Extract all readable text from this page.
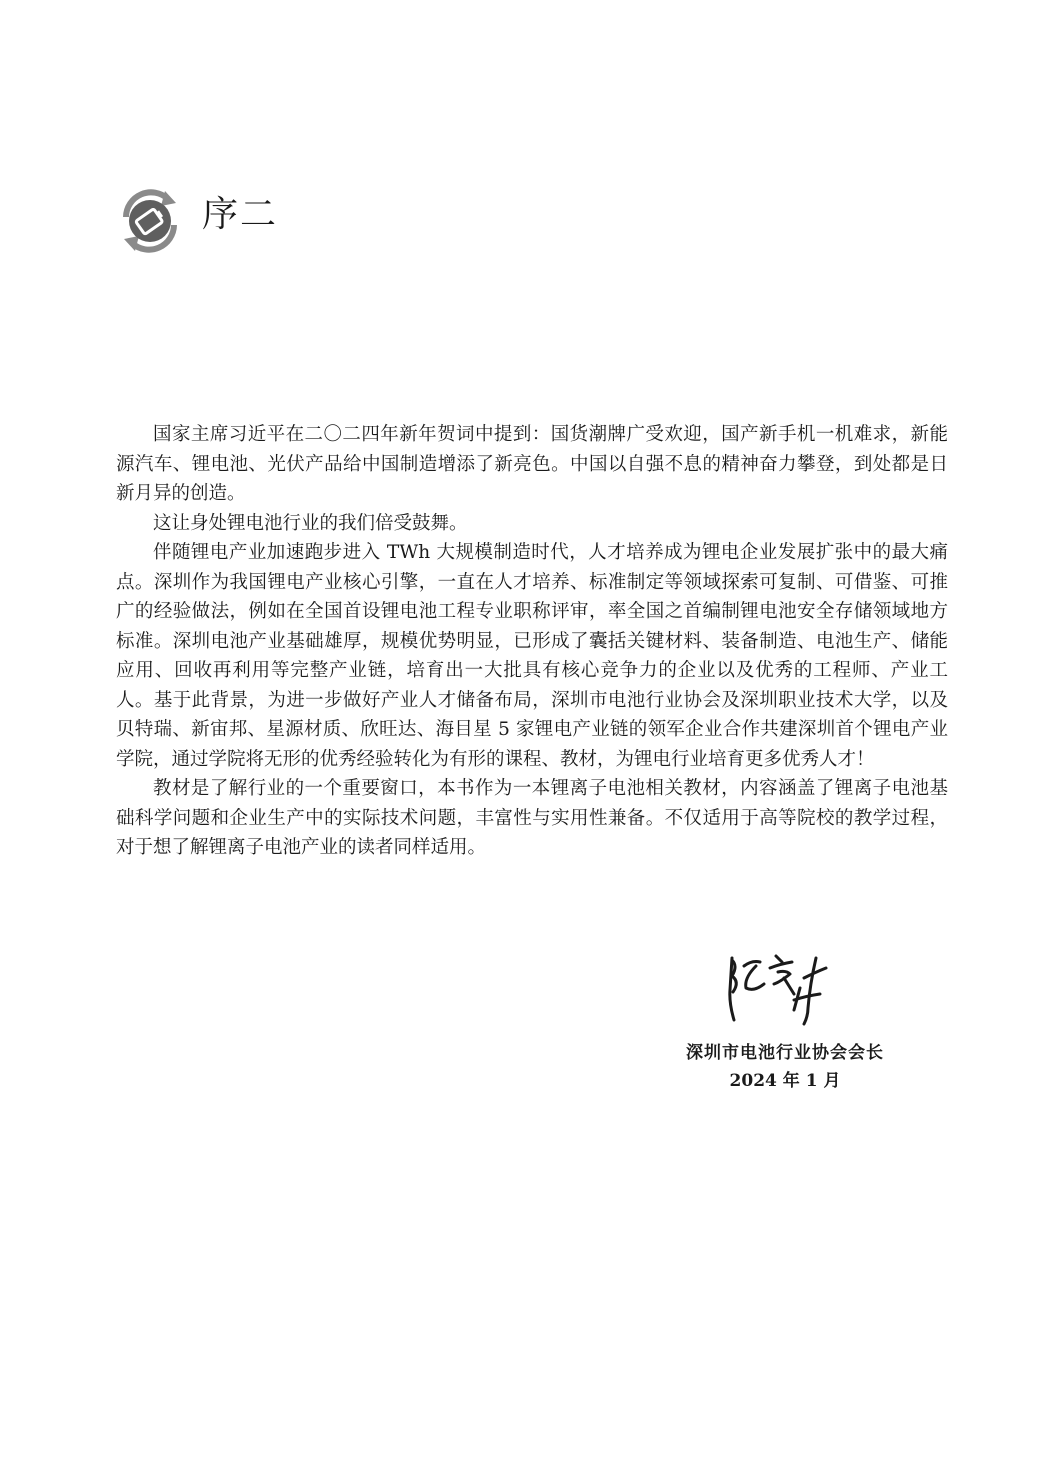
序二

国家主席习近平在二〇二四年新年贺词中提到：国货潮牌广受欢迎，国产新手机一机难求，新能源汽车、锂电池、光伏产品给中国制造增添了新亮色。中国以自强不息的精神奋力攀登，到处都是日新月异的创造。

这让身处锂电池行业的我们倍受鼓舞。

伴随锂电产业加速跑步进入 TWh 大规模制造时代，人才培养成为锂电企业发展扩张中的最大痛点。深圳作为我国锂电产业核心引擎，一直在人才培养、标准制定等领域探索可复制、可借鉴、可推广的经验做法，例如在全国首设锂电池工程专业职称评审，率全国之首编制锂电池安全存储领域地方标准。深圳电池产业基础雄厚，规模优势明显，已形成了囊括关键材料、装备制造、电池生产、储能应用、回收再利用等完整产业链，培育出一大批具有核心竞争力的企业以及优秀的工程师、产业工人。基于此背景，为进一步做好产业人才储备布局，深圳市电池行业协会及深圳职业技术大学，以及贝特瑞、新宙邦、星源材质、欣旺达、海目星 5 家锂电产业链的领军企业合作共建深圳首个锂电产业学院，通过学院将无形的优秀经验转化为有形的课程、教材，为锂电行业培育更多优秀人才！

教材是了解行业的一个重要窗口，本书作为一本锂离子电池相关教材，内容涵盖了锂离子电池基础科学问题和企业生产中的实际技术问题，丰富性与实用性兼备。不仅适用于高等院校的教学过程，对于想了解锂离子电池产业的读者同样适用。

深圳市电池行业协会会长
2024 年 1 月
